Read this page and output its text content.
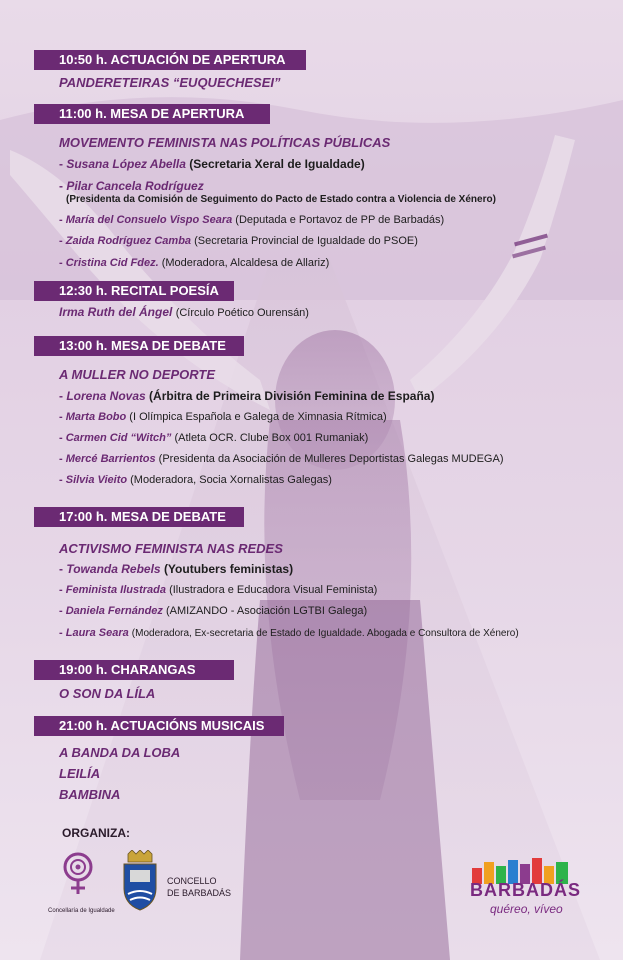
10:50 h. ACTUACIÓN DE APERTURA
PANDERETEIRAS “EUQUECHESEI”
11:00 h. MESA DE APERTURA
MOVEMENTO FEMINISTA NAS POLÍTICAS PÚBLICAS
- Susana López Abella (Secretaria Xeral de Igualdade)
- Pilar Cancela Rodríguez
(Presidenta da Comisión de Seguimento do Pacto de Estado contra a Violencia de Xénero)
- María del Consuelo Vispo Seara (Deputada e Portavoz de PP de Barbadás)
- Zaida Rodríguez Camba (Secretaria Provincial de Igualdade do PSOE)
- Cristina Cid Fdez. (Moderadora, Alcaldesa de Allariz)
12:30 h. RECITAL POESÍA
Irma Ruth del Ángel (Círculo Poético Ourensán)
13:00 h. MESA DE DEBATE
A MULLER NO DEPORTE
- Lorena Novas (Árbitra de Primeira División Feminina de España)
- Marta Bobo (I Olímpica Española e Galega de Ximnasia Rítmica)
- Carmen Cid “Witch” (Atleta OCR. Clube Box 001 Rumaniak)
- Mercé Barrientos (Presidenta da Asociación de Mulleres Deportistas Galegas MUDEGA)
- Silvia Vieito (Moderadora, Socia Xornalistas Galegas)
17:00 h. MESA DE DEBATE
ACTIVISMO FEMINISTA NAS REDES
- Towanda Rebels (Youtubers feministas)
- Feminista Ilustrada (Ilustradora e Educadora Visual Feminista)
- Daniela Fernández (AMIZANDO - Asociación LGTBI Galega)
- Laura Seara (Moderadora, Ex-secretaria de Estado de Igualdade. Abogada e Consultora de Xénero)
19:00 h. CHARANGAS
O SON DA LÍLA
21:00 h. ACTUACIÓNS MUSICAIS
A BANDA DA LOBA
LEILÍA
BAMBINA
ORGANIZA:
Concellaría de Igualdade
CONCELLO
DE BARBADÁS	BARBADÁS
quéreo, víveo
